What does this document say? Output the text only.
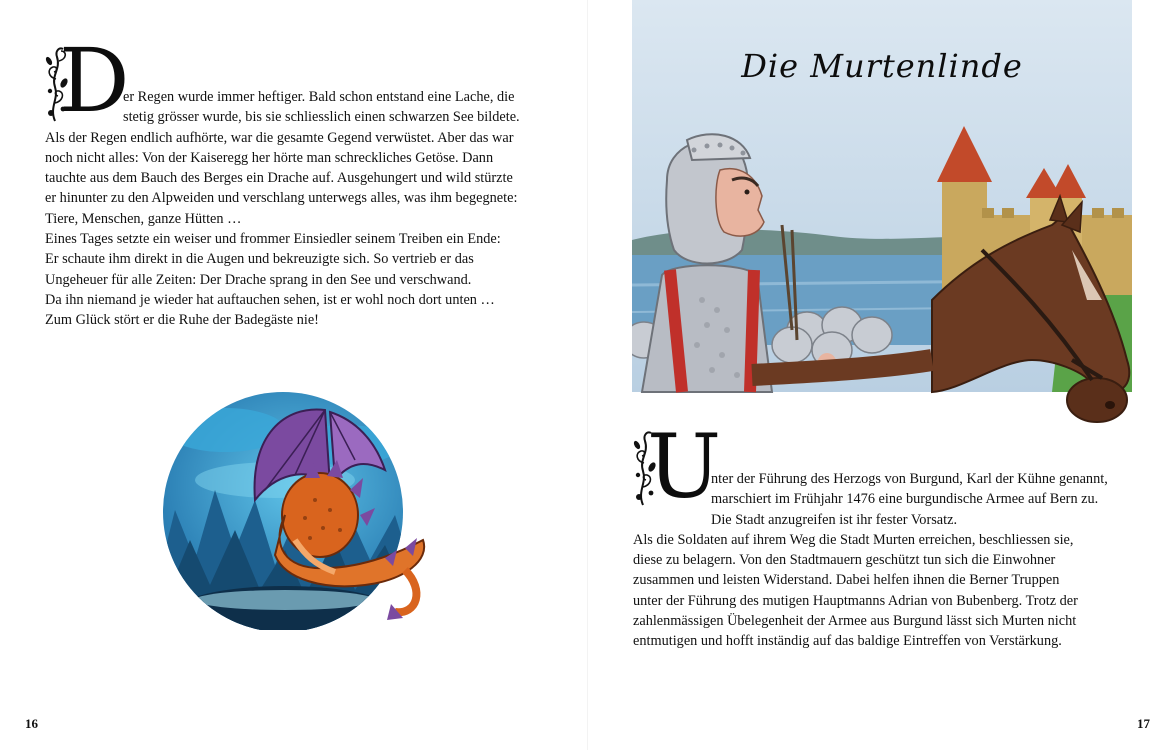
D

er Regen wurde immer heftiger. Bald schon entstand eine Lache, die

stetig grösser wurde, bis sie schliesslich einen schwarzen See bildete.

Als der Regen endlich aufhörte, war die gesamte Gegend verwüstet. Aber das war

noch nicht alles: Von der Kaiseregg her hörte man schreckliches Getöse. Dann

tauchte aus dem Bauch des Berges ein Drache auf. Ausgehungert und wild stürzte

er hinunter zu den Alpweiden und verschlang unterwegs alles, was ihm begegnete:

Tiere, Menschen, ganze Hütten …

Eines Tages setzte ein weiser und frommer Einsiedler seinem Treiben ein Ende:

Er schaute ihm direkt in die Augen und bekreuzigte sich. So vertrieb er das

Ungeheuer für alle Zeiten: Der Drache sprang in den See und verschwand.

Da ihn niemand je wieder hat auftauchen sehen, ist er wohl noch dort unten …

Zum Glück stört er die Ruhe der Badegäste nie!

Die Murtenlinde
U

nter der Führung des Herzogs von Burgund, Karl der Kühne genannt,

marschiert im Frühjahr 1476 eine burgundische Armee auf Bern zu.

Die Stadt anzugreifen ist ihr fester Vorsatz.

Als die Soldaten auf ihrem Weg die Stadt Murten erreichen, beschliessen sie,

diese zu belagern. Von den Stadtmauern geschützt tun sich die Einwohner

zusammen und leisten Widerstand. Dabei helfen ihnen die Berner Truppen

unter der Führung des mutigen Hauptmanns Adrian von Bubenberg. Trotz der

zahlenmässigen Übelegenheit der Armee aus Burgund lässt sich Murten nicht

entmutigen und hofft inständig auf das baldige Eintreffen von Verstärkung.

16	17
